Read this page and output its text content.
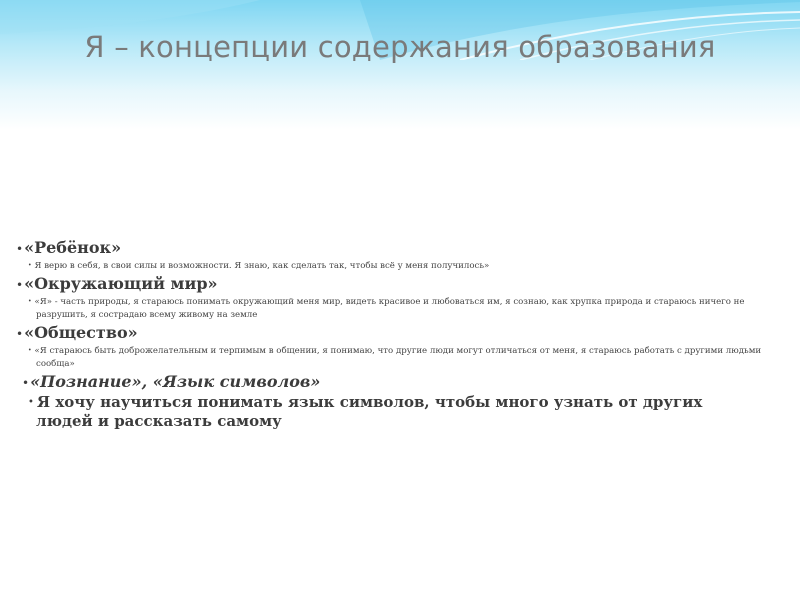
Я – концепции содержания образования
•«Ребёнок»
• Я верю в себя, в свои силы и возможности. Я знаю, как сделать так, чтобы всё у меня получилось»
•«Окружающий мир»
• «Я» - часть природы, я стараюсь понимать окружающий меня мир, видеть красивое и любоваться им, я сознаю, как хрупка природа и стараюсь ничего не разрушить, я сострадаю всему живому на земле
•«Общество»
• «Я стараюсь быть доброжелательным и терпимым в общении, я понимаю, что другие люди могут отличаться от меня, я стараюсь работать с другими людьми сообща»
•«Познание», «Язык символов»
• Я хочу научиться понимать язык символов, чтобы много узнать от других людей и рассказать самому
